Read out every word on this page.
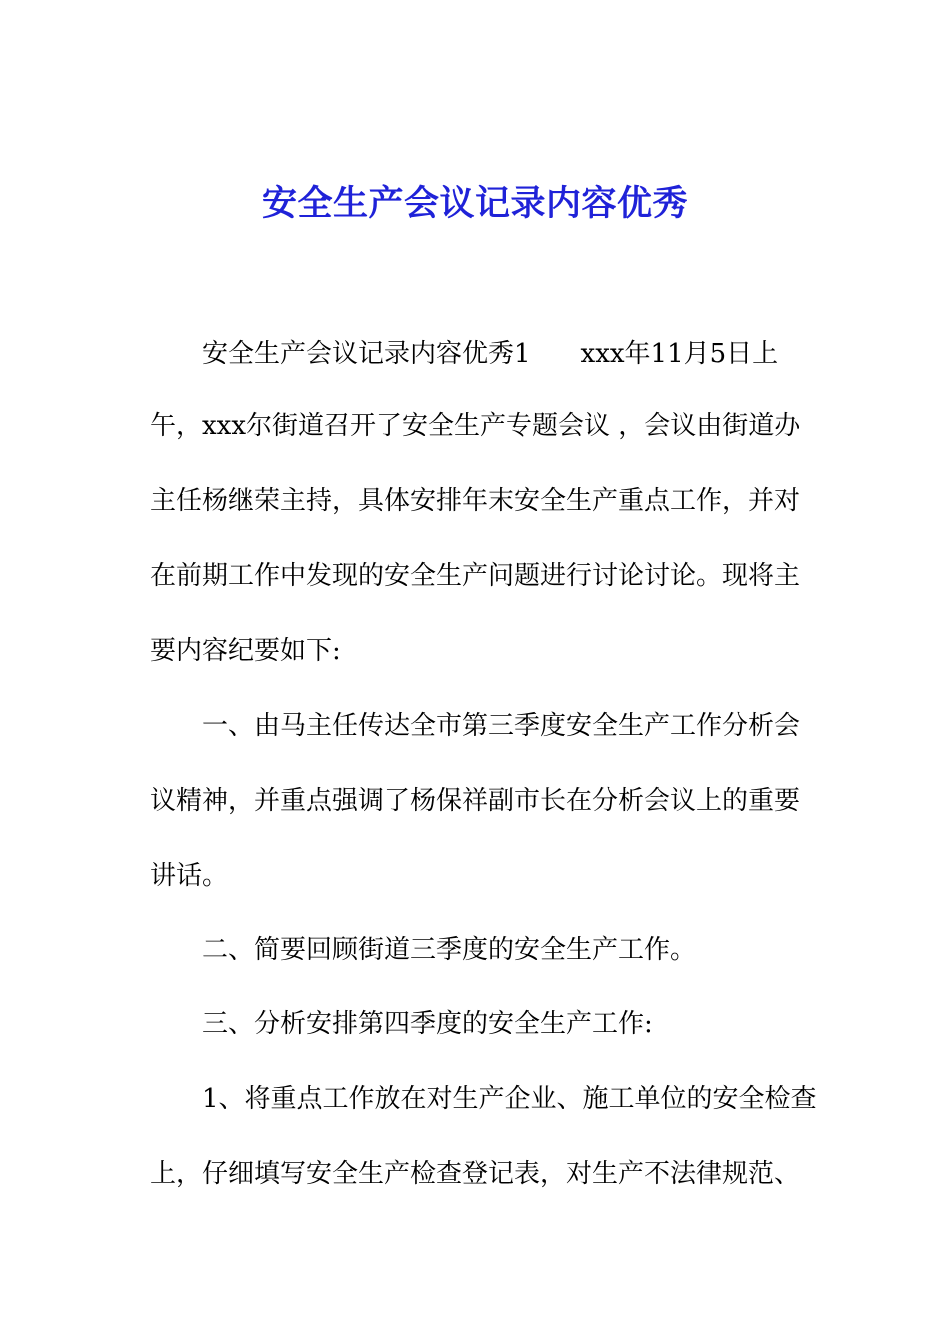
安全生产会议记录内容优秀

安全生产会议记录内容优秀1 xxx年11月5日上

午，xxx尔街道召开了安全生产专题会议 ，会议由街道办

主任杨继荣主持，具体安排年末安全生产重点工作，并对

在前期工作中发现的安全生产问题进行讨论讨论。现将主

要内容纪要如下:

一、由马主任传达全市第三季度安全生产工作分析会

议精神，并重点强调了杨保祥副市长在分析会议上的重要

讲话。

二、简要回顾街道三季度的安全生产工作。

三、分析安排第四季度的安全生产工作:

1、将重点工作放在对生产企业、施工单位的安全检查

上，仔细填写安全生产检查登记表，对生产不法律规范、
